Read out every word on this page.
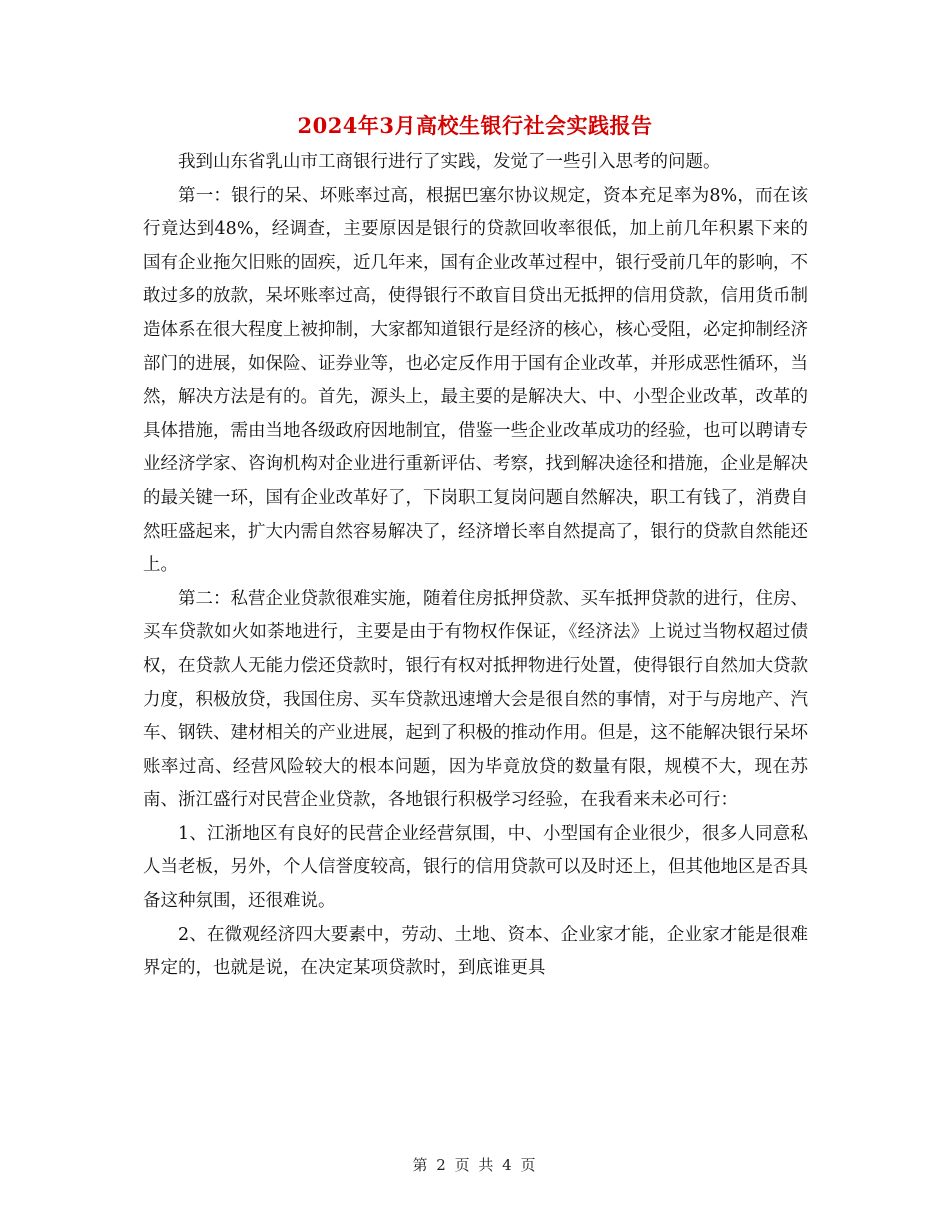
2024年3月高校生银行社会实践报告

我到山东省乳山市工商银行进行了实践，发觉了一些引入思考的问题。

第一：银行的呆、坏账率过高，根据巴塞尔协议规定，资本充足率为8%，而在该行竟达到48%，经调查，主要原因是银行的贷款回收率很低，加上前几年积累下来的国有企业拖欠旧账的固疾，近几年来，国有企业改革过程中，银行受前几年的影响，不敢过多的放款，呆坏账率过高，使得银行不敢盲目贷出无抵押的信用贷款，信用货币制造体系在很大程度上被抑制，大家都知道银行是经济的核心，核心受阻，必定抑制经济部门的进展，如保险、证券业等，也必定反作用于国有企业改革，并形成恶性循环，当然，解决方法是有的。首先，源头上，最主要的是解决大、中、小型企业改革，改革的具体措施，需由当地各级政府因地制宜，借鉴一些企业改革成功的经验，也可以聘请专业经济学家、咨询机构对企业进行重新评估、考察，找到解决途径和措施，企业是解决的最关键一环，国有企业改革好了，下岗职工复岗问题自然解决，职工有钱了，消费自然旺盛起来，扩大内需自然容易解决了，经济增长率自然提高了，银行的贷款自然能还上。

第二：私营企业贷款很难实施，随着住房抵押贷款、买车抵押贷款的进行，住房、买车贷款如火如荼地进行，主要是由于有物权作保证，《经济法》上说过当物权超过债权，在贷款人无能力偿还贷款时，银行有权对抵押物进行处置，使得银行自然加大贷款力度，积极放贷，我国住房、买车贷款迅速增大会是很自然的事情，对于与房地产、汽车、钢铁、建材相关的产业进展，起到了积极的推动作用。但是，这不能解决银行呆坏账率过高、经营风险较大的根本问题，因为毕竟放贷的数量有限，规模不大，现在苏南、浙江盛行对民营企业贷款，各地银行积极学习经验，在我看来未必可行：

1、江浙地区有良好的民营企业经营氛围，中、小型国有企业很少，很多人同意私人当老板，另外，个人信誉度较高，银行的信用贷款可以及时还上，但其他地区是否具备这种氛围，还很难说。

2、在微观经济四大要素中，劳动、土地、资本、企业家才能，企业家才能是很难界定的，也就是说，在决定某项贷款时，到底谁更具

第 2 页 共 4 页
